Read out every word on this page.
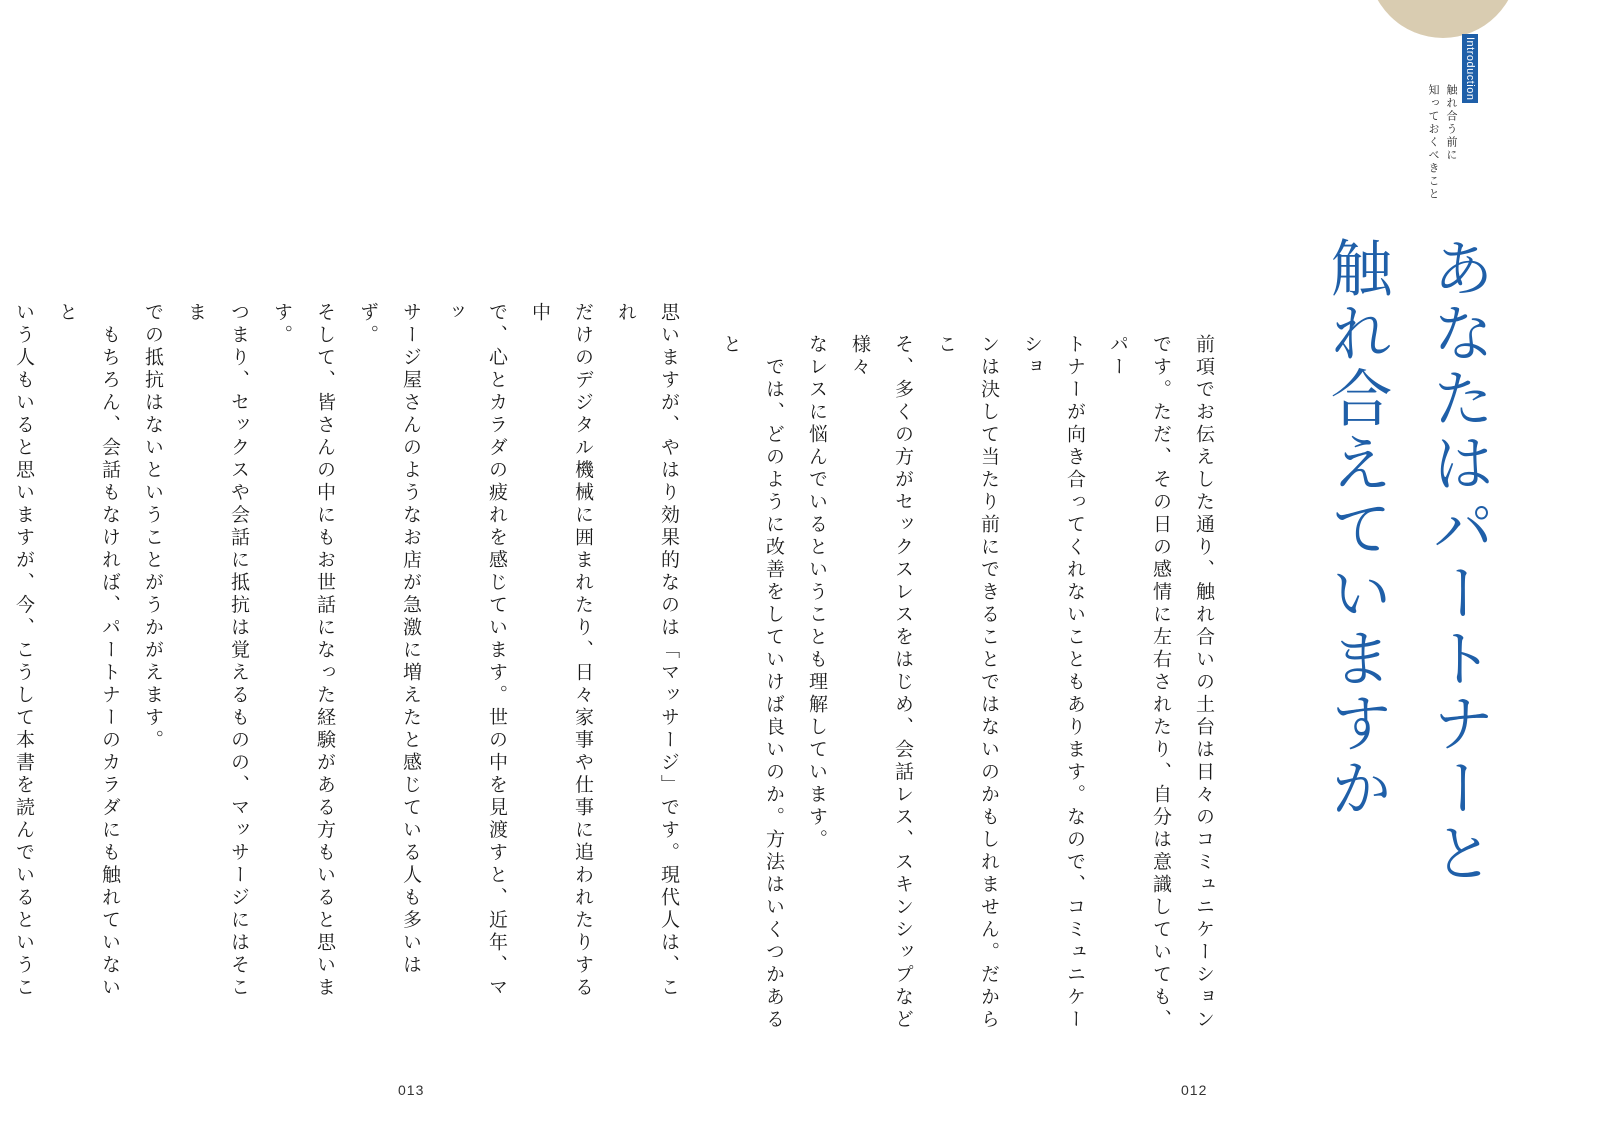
Introduction
触れ合う前に
知っておくべきこと
あなたはパートナーと
触れ合えていますか
前項でお伝えした通り、触れ合いの土台は日々のコミュニケーション
です。ただ、その日の感情に左右されたり、自分は意識していても、パー
トナーが向き合ってくれないこともあります。なので、コミュニケーショ
ンは決して当たり前にできることではないのかもしれません。だからこ
そ、多くの方がセックスレスをはじめ、会話レス、スキンシップなど様々
なレスに悩んでいるということも理解しています。
　では、どのように改善をしていけば良いのか。方法はいくつかあると
思いますが、やはり効果的なのは「マッサージ」です。現代人は、これ
だけのデジタル機械に囲まれたり、日々家事や仕事に追われたりする中
で、心とカラダの疲れを感じています。世の中を見渡すと、近年、マッ
サージ屋さんのようなお店が急激に増えたと感じている人も多いはず。
そして、皆さんの中にもお世話になった経験がある方もいると思います。
つまり、セックスや会話に抵抗は覚えるものの、マッサージにはそこま
での抵抗はないということがうかがえます。
　もちろん、会話もなければ、パートナーのカラダにも触れていないと
いう人もいると思いますが、今、こうして本書を読んでいるというこ

013	012
